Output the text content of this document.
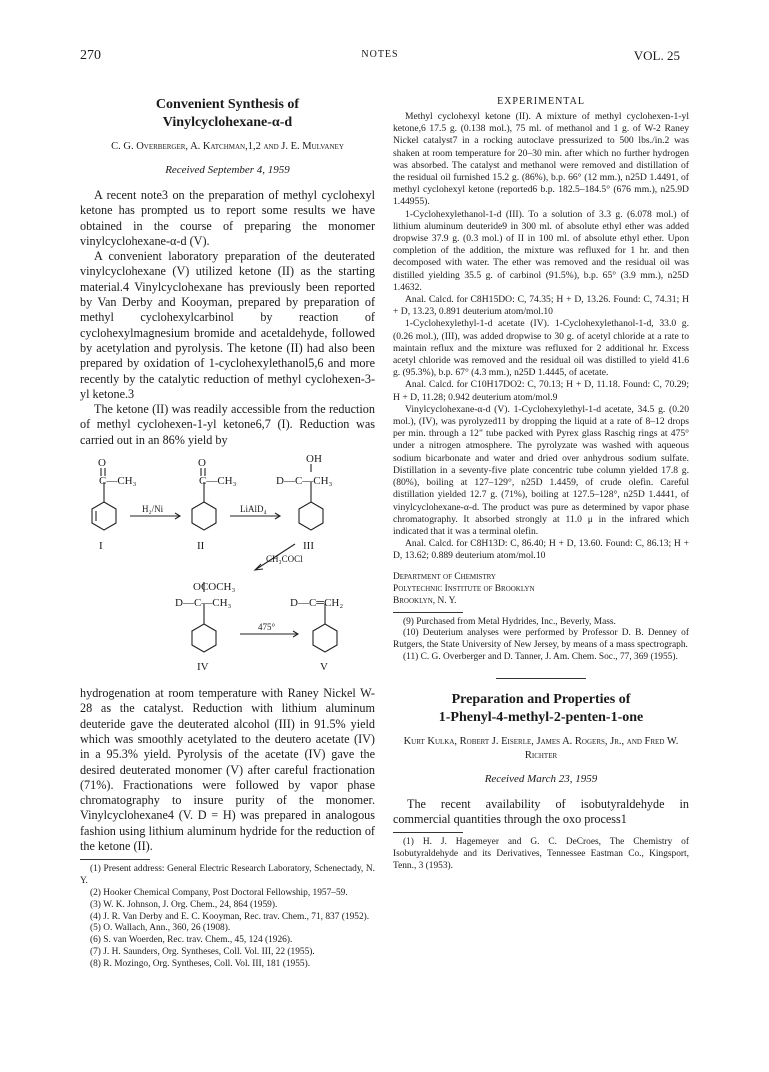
270	NOTES	VOL. 25

Convenient Synthesis of
Vinylcyclohexane-α-d

C. G. Overberger, A. Katchman,1,2 and J. E. Mulvaney

Received September 4, 1959

A recent note3 on the preparation of methyl cyclohexyl ketone has prompted us to report some results we have obtained in the course of preparing the monomer vinylcyclohexane-α-d (V).

A convenient laboratory preparation of the deuterated vinylcyclohexane (V) utilized ketone (II) as the starting material.4 Vinylcyclohexane has previously been reported by Van Derby and Kooyman, prepared by preparation of methyl cyclohexylcarbinol by reaction of cyclohexylmagnesium bromide and acetaldehyde, followed by acetylation and pyrolysis. The ketone (II) had also been prepared by oxidation of 1-cyclohexylethanol5,6 and more recently by the catalytic reduction of methyl cyclohexen-3-yl ketone.3

The ketone (II) was readily accessible from the reduction of methyl cyclohexen-1-yl ketone6,7 (I). Reduction was carried out in an 86% yield by

O
C—CH₃
I
O
C—CH₃
II
OH
D—C—CH₃
III
OCOCH₃
D—C—CH₃
IV
D—C═CH₂
V
H₂/Ni	LiAlD₄
CH₃COCl
475°

hydrogenation at room temperature with Raney Nickel W-28 as the catalyst. Reduction with lithium aluminum deuteride gave the deuterated alcohol (III) in 91.5% yield which was smoothly acetylated to the deutero acetate (IV) in a 95.3% yield. Pyrolysis of the acetate (IV) gave the desired deuterated monomer (V) after careful fractionation (71%). Fractionations were followed by vapor phase chromatography to insure purity of the monomer. Vinylcyclohexane4 (V. D = H) was prepared in analogous fashion using lithium aluminum hydride for the reduction of the ketone (II).

(1) Present address: General Electric Research Laboratory, Schenectady, N. Y.

(2) Hooker Chemical Company, Post Doctoral Fellowship, 1957–59.

(3) W. K. Johnson, J. Org. Chem., 24, 864 (1959).

(4) J. R. Van Derby and E. C. Kooyman, Rec. trav. Chem., 71, 837 (1952).

(5) O. Wallach, Ann., 360, 26 (1908).

(6) S. van Woerden, Rec. trav. Chem., 45, 124 (1926).

(7) J. H. Saunders, Org. Syntheses, Coll. Vol. III, 22 (1955).

(8) R. Mozingo, Org. Syntheses, Coll. Vol. III, 181 (1955).

EXPERIMENTAL

Methyl cyclohexyl ketone (II). A mixture of methyl cyclohexen-1-yl ketone,6 17.5 g. (0.138 mol.), 75 ml. of methanol and 1 g. of W-2 Raney Nickel catalyst7 in a rocking autoclave pressurized to 500 lbs./in.2 was shaken at room temperature for 20–30 min. after which no further hydrogen was absorbed. The catalyst and methanol were removed and distillation of the residual oil furnished 15.2 g. (86%), b.p. 66° (12 mm.), n25D 1.4491, of methyl cyclohexyl ketone (reported6 b.p. 182.5–184.5° (676 mm.), n25.9D 1.44955).

1-Cyclohexylethanol-1-d (III). To a solution of 3.3 g. (6.078 mol.) of lithium aluminum deuteride9 in 300 ml. of absolute ethyl ether was added dropwise 37.9 g. (0.3 mol.) of II in 100 ml. of absolute ethyl ether. Upon completion of the addition, the mixture was refluxed for 1 hr. and then decomposed with water. The ether was removed and the residual oil was distilled yielding 35.5 g. of carbinol (91.5%), b.p. 65° (3.9 mm.), n25D 1.4632.

Anal. Calcd. for C8H15DO: C, 74.35; H + D, 13.26. Found: C, 74.31; H + D, 13.23, 0.891 deuterium atom/mol.10

1-Cyclohexylethyl-1-d acetate (IV). 1-Cyclohexylethanol-1-d, 33.0 g. (0.26 mol.), (III), was added dropwise to 30 g. of acetyl chloride at a rate to maintain reflux and the mixture was refluxed for 2 additional hr. Excess acetyl chloride was removed and the residual oil was distilled to yield 41.6 g. (95.3%), b.p. 67° (4.3 mm.), n25D 1.4445, of acetate.

Anal. Calcd. for C10H17DO2: C, 70.13; H + D, 11.18. Found: C, 70.29; H + D, 11.28; 0.942 deuterium atom/mol.9

Vinylcyclohexane-α-d (V). 1-Cyclohexylethyl-1-d acetate, 34.5 g. (0.20 mol.), (IV), was pyrolyzed11 by dropping the liquid at a rate of 8–12 drops per min. through a 12" tube packed with Pyrex glass Raschig rings at 475° under a nitrogen atmosphere. The pyrolyzate was washed with aqueous sodium bicarbonate and water and dried over anhydrous sodium sulfate. Distillation in a seventy-five plate concentric tube column yielded 17.8 g. (80%), boiling at 127–129°, n25D 1.4459, of crude olefin. Careful distillation yielded 12.7 g. (71%), boiling at 127.5–128°, n25D 1.4441, of vinylcyclohexane-α-d. The product was pure as determined by vapor phase chromatography. It absorbed strongly at 11.0 μ in the infrared which indicated that it was a terminal olefin.

Anal. Calcd. for C8H13D: C, 86.40; H + D, 13.60. Found: C, 86.13; H + D, 13.62; 0.889 deuterium atom/mol.10

Department of Chemistry
Polytechnic Institute of Brooklyn
Brooklyn, N. Y.

(9) Purchased from Metal Hydrides, Inc., Beverly, Mass.

(10) Deuterium analyses were performed by Professor D. B. Denney of Rutgers, the State University of New Jersey, by means of a mass spectrograph.

(11) C. G. Overberger and D. Tanner, J. Am. Chem. Soc., 77, 369 (1955).

Preparation and Properties of
1-Phenyl-4-methyl-2-penten-1-one

Kurt Kulka, Robert J. Eiserle, James A. Rogers, Jr., and Fred W. Richter

Received March 23, 1959

The recent availability of isobutyraldehyde in commercial quantities through the oxo process1

(1) H. J. Hagemeyer and G. C. DeCroes, The Chemistry of Isobutyraldehyde and its Derivatives, Tennessee Eastman Co., Kingsport, Tenn., 3 (1953).
